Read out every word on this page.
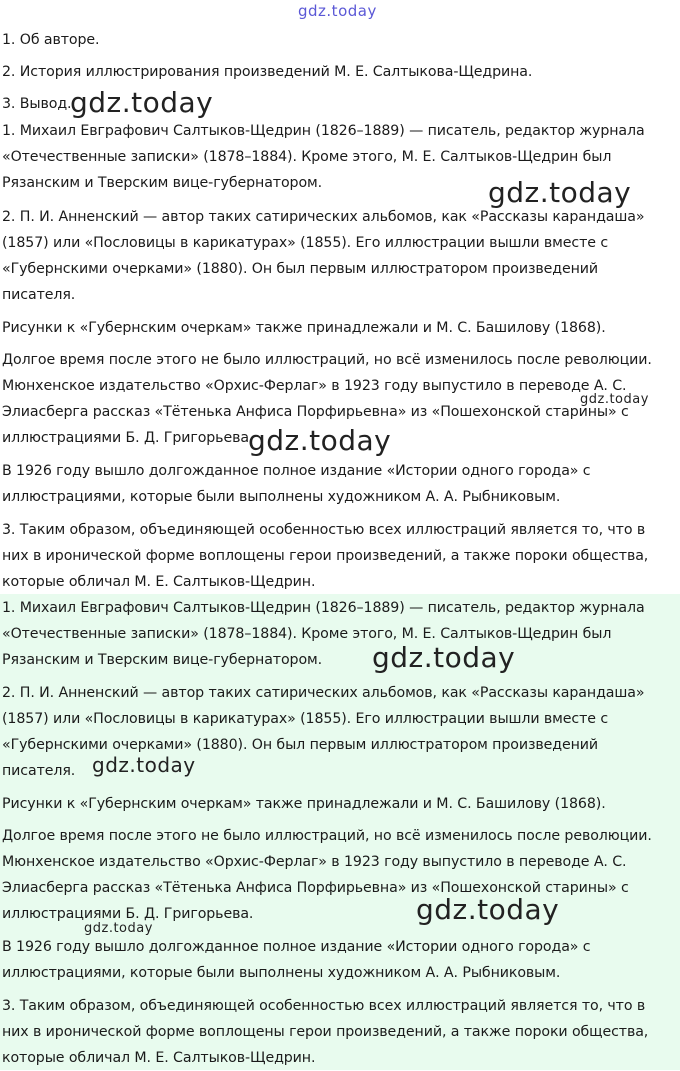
gdz.today
1. Об авторе.
2. История иллюстрирования произведений М. Е. Салтыкова-Щедрина.
3. Вывод.
1. Михаил Евграфович Салтыков-Щедрин (1826–1889) — писатель, редактор журнала «Отечественные записки» (1878–1884). Кроме этого, М. Е. Салтыков-Щедрин был Рязанским и Тверским вице-губернатором.
2. П. И. Анненский — автор таких сатирических альбомов, как «Рассказы карандаша» (1857) или «Пословицы в карикатурах» (1855). Его иллюстрации вышли вместе с «Губернскими очерками» (1880). Он был первым иллюстратором произведений писателя.
Рисунки к «Губернским очеркам» также принадлежали и М. С. Башилову (1868).
Долгое время после этого не было иллюстраций, но всё изменилось после революции. Мюнхенское издательство «Орхис-Ферлаг» в 1923 году выпустило в переводе А. С. Элиасберга рассказ «Тётенька Анфиса Порфирьевна» из «Пошехонской старины» с иллюстрациями Б. Д. Григорьева.
В 1926 году вышло долгожданное полное издание «Истории одного города» с иллюстрациями, которые были выполнены художником А. А. Рыбниковым.
3. Таким образом, объединяющей особенностью всех иллюстраций является то, что в них в иронической форме воплощены герои произведений, а также пороки общества, которые обличал М. Е. Салтыков-Щедрин.
1. Михаил Евграфович Салтыков-Щедрин (1826–1889) — писатель, редактор журнала «Отечественные записки» (1878–1884). Кроме этого, М. Е. Салтыков-Щедрин был Рязанским и Тверским вице-губернатором.
2. П. И. Анненский — автор таких сатирических альбомов, как «Рассказы карандаша» (1857) или «Пословицы в карикатурах» (1855). Его иллюстрации вышли вместе с «Губернскими очерками» (1880). Он был первым иллюстратором произведений писателя.
Рисунки к «Губернским очеркам» также принадлежали и М. С. Башилову (1868).
Долгое время после этого не было иллюстраций, но всё изменилось после революции. Мюнхенское издательство «Орхис-Ферлаг» в 1923 году выпустило в переводе А. С. Элиасберга рассказ «Тётенька Анфиса Порфирьевна» из «Пошехонской старины» с иллюстрациями Б. Д. Григорьева.
В 1926 году вышло долгожданное полное издание «Истории одного города» с иллюстрациями, которые были выполнены художником А. А. Рыбниковым.
3. Таким образом, объединяющей особенностью всех иллюстраций является то, что в них в иронической форме воплощены герои произведений, а также пороки общества, которые обличал М. Е. Салтыков-Щедрин.
gdz.today
gdz.today
gdz.today
gdz.today
gdz.today
gdz.today
gdz.today
gdz.today
